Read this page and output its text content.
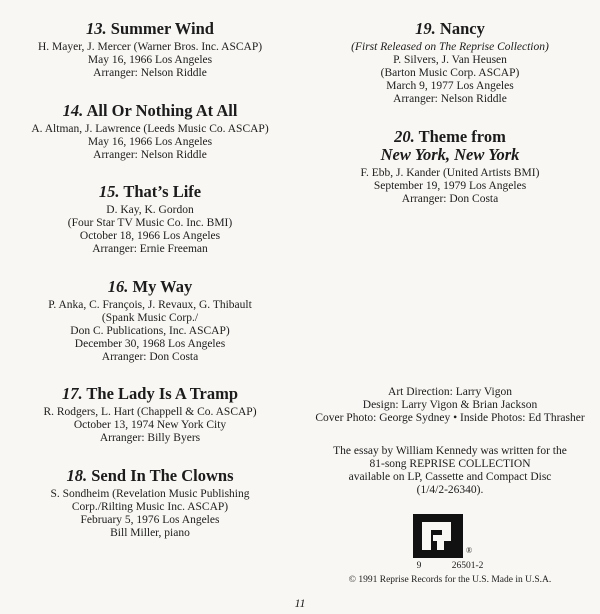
13. Summer Wind
H. Mayer, J. Mercer (Warner Bros. Inc. ASCAP)
May 16, 1966 Los Angeles
Arranger: Nelson Riddle
14. All Or Nothing At All
A. Altman, J. Lawrence (Leeds Music Co. ASCAP)
May 16, 1966 Los Angeles
Arranger: Nelson Riddle
15. That’s Life
D. Kay, K. Gordon
(Four Star TV Music Co. Inc. BMI)
October 18, 1966 Los Angeles
Arranger: Ernie Freeman
16. My Way
P. Anka, C. François, J. Revaux, G. Thibault
(Spank Music Corp./
Don C. Publications, Inc. ASCAP)
December 30, 1968 Los Angeles
Arranger: Don Costa
17. The Lady Is A Tramp
R. Rodgers, L. Hart (Chappell & Co. ASCAP)
October 13, 1974 New York City
Arranger: Billy Byers
18. Send In The Clowns
S. Sondheim (Revelation Music Publishing
Corp./Rilting Music Inc. ASCAP)
February 5, 1976 Los Angeles
Bill Miller, piano
19. Nancy
(First Released on The Reprise Collection)
P. Silvers, J. Van Heusen
(Barton Music Corp. ASCAP)
March 9, 1977 Los Angeles
Arranger: Nelson Riddle
20. Theme from
New York, New York
F. Ebb, J. Kander (United Artists BMI)
September 19, 1979 Los Angeles
Arranger: Don Costa
Art Direction: Larry Vigon
Design: Larry Vigon & Brian Jackson
Cover Photo: George Sydney • Inside Photos: Ed Thrasher
The essay by William Kennedy was written for the
81-song REPRISE COLLECTION
available on LP, Cassette and Compact Disc
(1/4/2-26340).
®
9	26501-2
© 1991 Reprise Records for the U.S. Made in U.S.A.
11
